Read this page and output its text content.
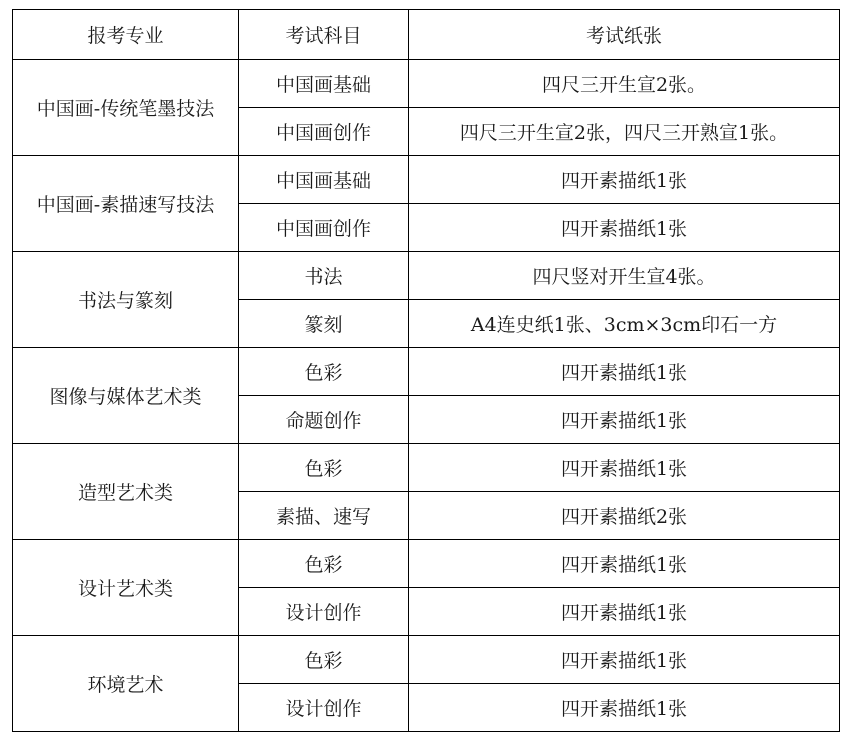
报考专业	考试科目	考试纸张
中国画-传统笔墨技法	中国画基础	四尺三开生宣2张。
	中国画创作	四尺三开生宣2张，四尺三开熟宣1张。
中国画-素描速写技法	中国画基础	四开素描纸1张
	中国画创作	四开素描纸1张
书法与篆刻	书法	四尺竖对开生宣4张。
	篆刻	A4连史纸1张、3cm×3cm印石一方
图像与媒体艺术类	色彩	四开素描纸1张
	命题创作	四开素描纸1张
造型艺术类	色彩	四开素描纸1张
	素描、速写	四开素描纸2张
设计艺术类	色彩	四开素描纸1张
	设计创作	四开素描纸1张
环境艺术	色彩	四开素描纸1张
	设计创作	四开素描纸1张
